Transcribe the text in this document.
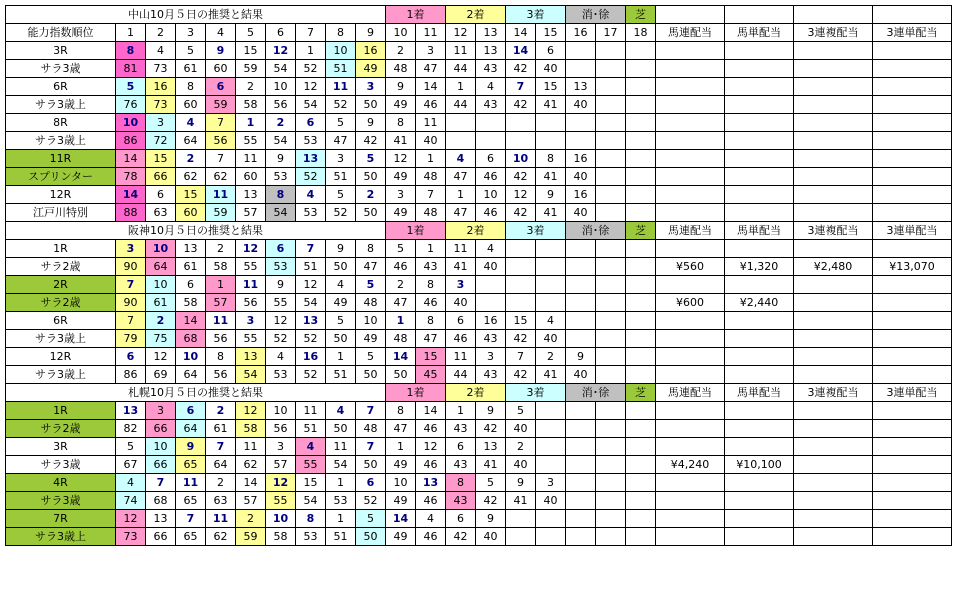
中山10月５日の推奨と結果										1着		2着		3着		消･徐		芝				
能力指数順位	1	2	3	4	5	6	7	8	9	10	11	12	13	14	15	16	17	18	馬連配当	馬単配当	3連複配当	3連単配当
3R	8	4	5	9	15	12	1	10	16	2	3	11	13	14	6							
サラ3歳	81	73	61	60	59	54	52	51	49	48	47	44	43	42	40							
6R	5	16	8	6	2	10	12	11	3	9	14	1	4	7	15	13						
サラ3歳上	76	73	60	59	58	56	54	52	50	49	46	44	43	42	41	40						
8R	10	3	4	7	1	2	6	5	9	8	11											
サラ3歳上	86	72	64	56	55	54	53	47	42	41	40											
11R	14	15	2	7	11	9	13	3	5	12	1	4	6	10	8	16						
スプリンター	78	66	62	62	60	53	52	51	50	49	48	47	46	42	41	40						
12R	14	6	15	11	13	8	4	5	2	3	7	1	10	12	9	16						
江戸川特別	88	63	60	59	57	54	53	52	50	49	48	47	46	42	41	40						
阪神10月５日の推奨と結果										1着		2着		3着		消･徐		芝	馬連配当	馬単配当	3連複配当	3連単配当
1R	3	10	13	2	12	6	7	9	8	5	1	11	4									
サラ2歳	90	64	61	58	55	53	51	50	47	46	43	41	40						¥560	¥1,320	¥2,480	¥13,070
2R	7	10	6	1	11	9	12	4	5	2	8	3										
サラ2歳	90	61	58	57	56	55	54	49	48	47	46	40							¥600	¥2,440		
6R	7	2	14	11	3	12	13	5	10	1	8	6	16	15	4							
サラ3歳上	79	75	68	56	55	52	52	50	49	48	47	46	43	42	40							
12R	6	12	10	8	13	4	16	1	5	14	15	11	3	7	2	9						
サラ3歳上	86	69	64	56	54	53	52	51	50	50	45	44	43	42	41	40						
札幌10月５日の推奨と結果										1着		2着		3着		消･徐		芝	馬連配当	馬単配当	3連複配当	3連単配当
1R	13	3	6	2	12	10	11	4	7	8	14	1	9	5								
サラ2歳	82	66	64	61	58	56	51	50	48	47	46	43	42	40								
3R	5	10	9	7	11	3	4	11	7	1	12	6	13	2								
サラ3歳	67	66	65	64	62	57	55	54	50	49	46	43	41	40					¥4,240	¥10,100		
4R	4	7	11	2	14	12	15	1	6	10	13	8	5	9	3							
サラ3歳	74	68	65	63	57	55	54	53	52	49	46	43	42	41	40							
7R	12	13	7	11	2	10	8	1	5	14	4	6	9									
サラ3歳上	73	66	65	62	59	58	53	51	50	49	46	42	40									
